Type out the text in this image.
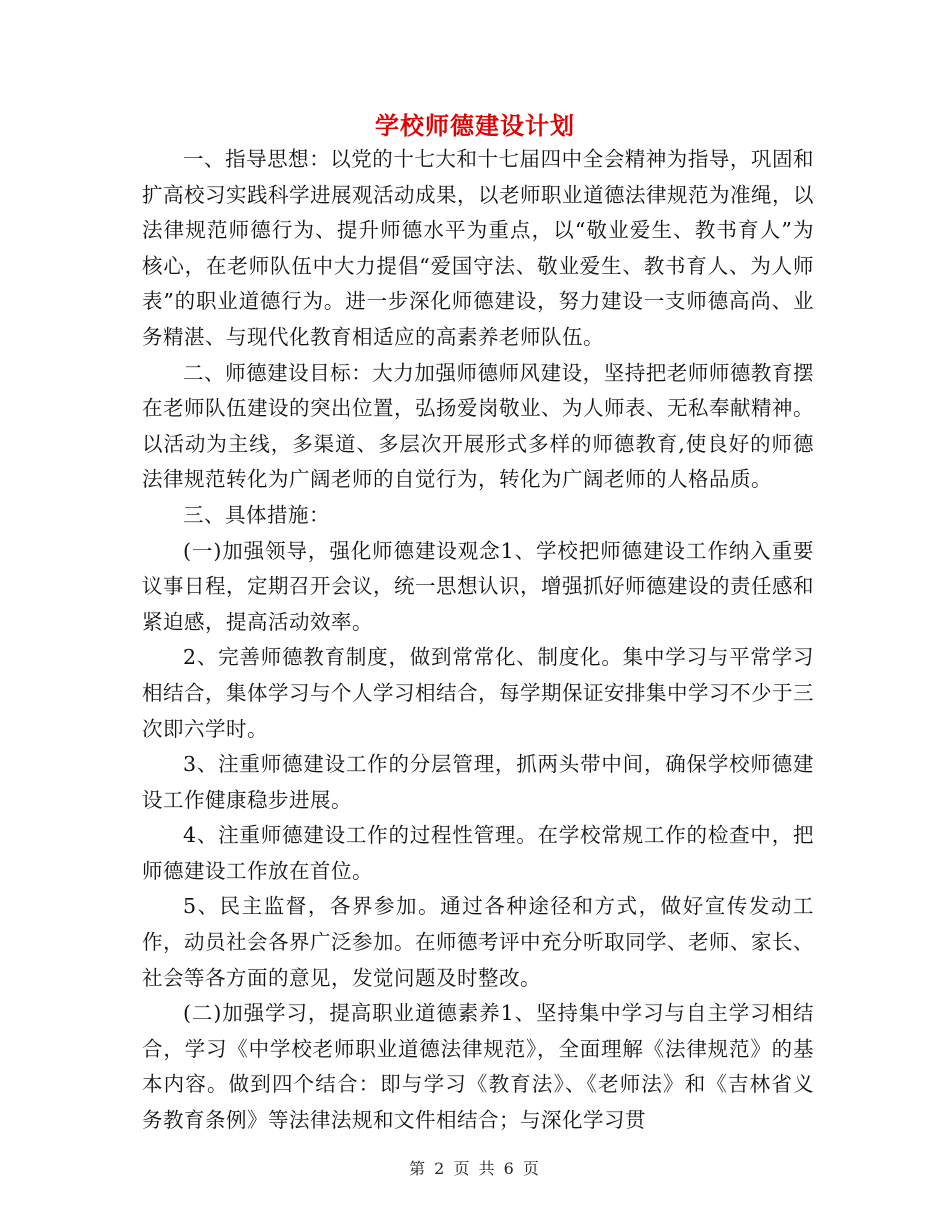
学校师德建设计划

一、指导思想：以党的十七大和十七届四中全会精神为指导，巩固和扩高校习实践科学进展观活动成果，以老师职业道德法律规范为准绳，以法律规范师德行为、提升师德水平为重点，以“敬业爱生、教书育人”为核心，在老师队伍中大力提倡“爱国守法、敬业爱生、教书育人、为人师表”的职业道德行为。进一步深化师德建设，努力建设一支师德高尚、业务精湛、与现代化教育相适应的高素养老师队伍。

二、师德建设目标：大力加强师德师风建设，坚持把老师师德教育摆在老师队伍建设的突出位置，弘扬爱岗敬业、为人师表、无私奉献精神。以活动为主线，多渠道、多层次开展形式多样的师德教育,使良好的师德法律规范转化为广阔老师的自觉行为，转化为广阔老师的人格品质。

三、具体措施：

(一)加强领导，强化师德建设观念1、学校把师德建设工作纳入重要议事日程，定期召开会议，统一思想认识，增强抓好师德建设的责任感和紧迫感，提高活动效率。

2、完善师德教育制度，做到常常化、制度化。集中学习与平常学习相结合，集体学习与个人学习相结合，每学期保证安排集中学习不少于三次即六学时。

3、注重师德建设工作的分层管理，抓两头带中间，确保学校师德建设工作健康稳步进展。

4、注重师德建设工作的过程性管理。在学校常规工作的检查中，把师德建设工作放在首位。

5、民主监督，各界参加。通过各种途径和方式，做好宣传发动工作，动员社会各界广泛参加。在师德考评中充分听取同学、老师、家长、社会等各方面的意见，发觉问题及时整改。

(二)加强学习，提高职业道德素养1、坚持集中学习与自主学习相结合，学习《中学校老师职业道德法律规范》，全面理解《法律规范》的基本内容。做到四个结合：即与学习《教育法》、《老师法》和《吉林省义务教育条例》等法律法规和文件相结合；与深化学习贯

第 2 页 共 6 页
